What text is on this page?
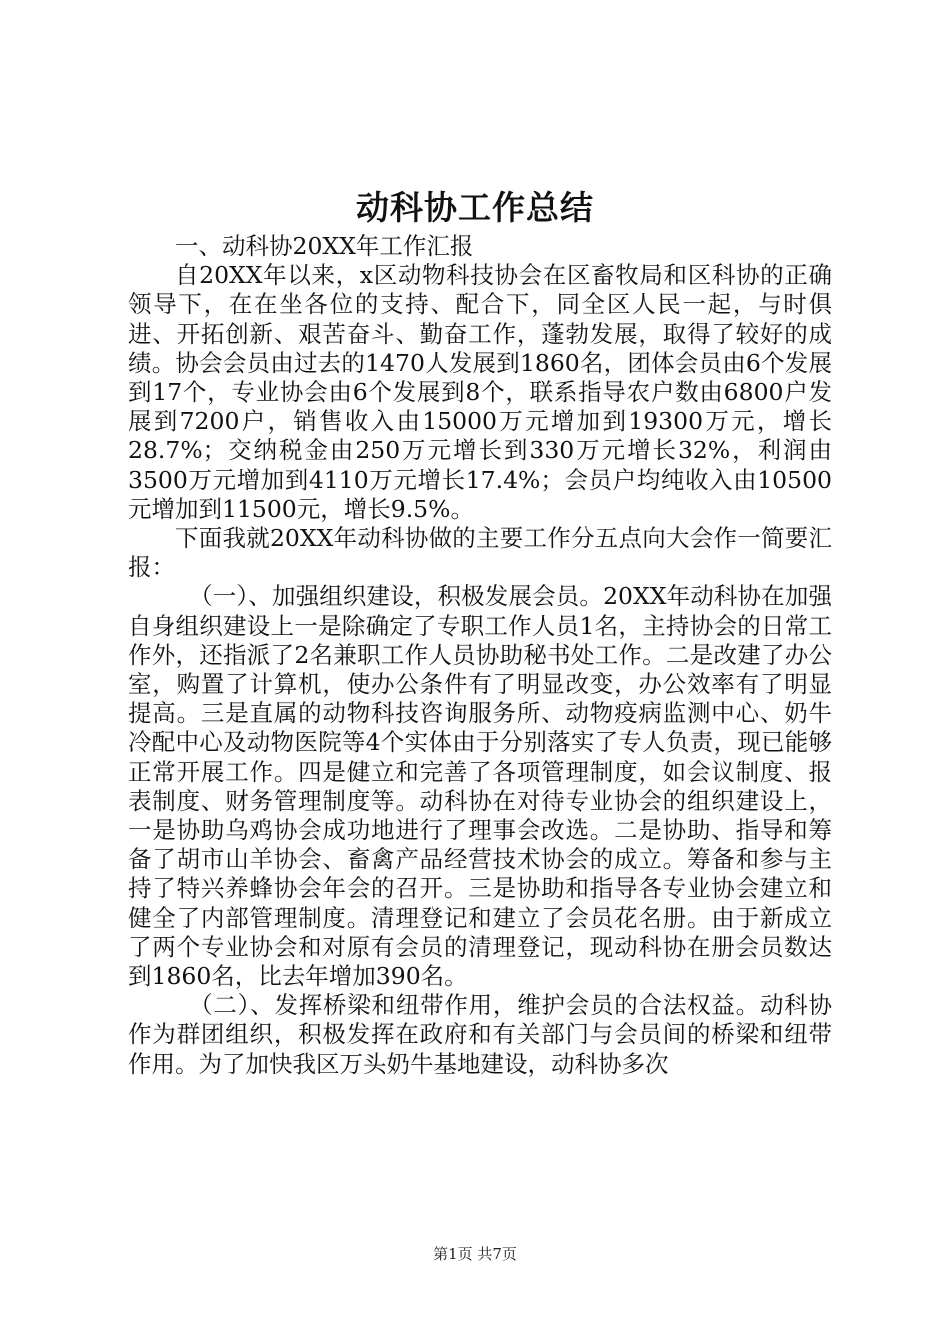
动科协工作总结

一、动科协20XX年工作汇报

自20XX年以来，x区动物科技协会在区畜牧局和区科协的正确领导下，在在坐各位的支持、配合下，同全区人民一起，与时俱进、开拓创新、艰苦奋斗、勤奋工作，蓬勃发展，取得了较好的成绩。协会会员由过去的1470人发展到1860名，团体会员由6个发展到17个，专业协会由6个发展到8个，联系指导农户数由6800户发展到7200户，销售收入由15000万元增加到19300万元，增长28.7%；交纳税金由250万元增长到330万元增长32%，利润由3500万元增加到4110万元增长17.4%；会员户均纯收入由10500元增加到11500元，增长9.5%。

下面我就20XX年动科协做的主要工作分五点向大会作一简要汇报：

（一）、加强组织建设，积极发展会员。20XX年动科协在加强自身组织建设上一是除确定了专职工作人员1名，主持协会的日常工作外，还指派了2名兼职工作人员协助秘书处工作。二是改建了办公室，购置了计算机，使办公条件有了明显改变，办公效率有了明显提高。三是直属的动物科技咨询服务所、动物疫病监测中心、奶牛冷配中心及动物医院等4个实体由于分别落实了专人负责，现已能够正常开展工作。四是健立和完善了各项管理制度，如会议制度、报表制度、财务管理制度等。动科协在对待专业协会的组织建设上，一是协助乌鸡协会成功地进行了理事会改选。二是协助、指导和筹备了胡市山羊协会、畜禽产品经营技术协会的成立。筹备和参与主持了特兴养蜂协会年会的召开。三是协助和指导各专业协会建立和健全了内部管理制度。清理登记和建立了会员花名册。由于新成立了两个专业协会和对原有会员的清理登记，现动科协在册会员数达到1860名，比去年增加390名。

（二）、发挥桥梁和纽带作用，维护会员的合法权益。动科协作为群团组织，积极发挥在政府和有关部门与会员间的桥梁和纽带作用。为了加快我区万头奶牛基地建设，动科协多次

第1页 共7页
